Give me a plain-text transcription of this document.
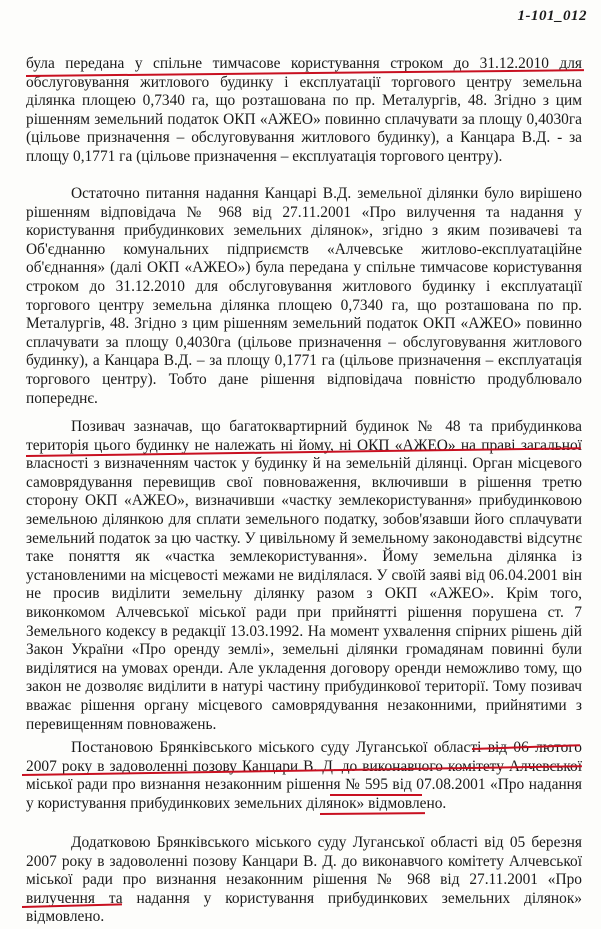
1-101_012

була передана у спільне тимчасове користування строком до 31.12.2010 для обслуговування житлового будинку і експлуатації торгового центру земельна ділянка площею 0,7340 га, що розташована по пр. Металургів, 48. Згідно з цим рішенням земельний податок ОКП «АЖЕО» повинно сплачувати за площу 0,4030га (цільове призначення – обслуговування житлового будинку), а Канцара В.Д. - за площу 0,1771 га (цільове призначення – експлуатація торгового центру).

Остаточно питання надання Канцарі В.Д. земельної ділянки було вирішено рішенням відповідача № 968 від 27.11.2001 «Про вилучення та надання у користування прибудинкових земельних ділянок», згідно з яким позивачеві та Об'єднанню комунальних підприємств «Алчевське житлово-експлуатаційне об'єднання» (далі ОКП «АЖЕО») була передана у спільне тимчасове користування строком до 31.12.2010 для обслуговування житлового будинку і експлуатації торгового центру земельна ділянка площею 0,7340 га, що розташована по пр. Металургів, 48. Згідно з цим рішенням земельний податок ОКП «АЖЕО» повинно сплачувати за площу 0,4030га (цільове призначення – обслуговування житлового будинку), а Канцара В.Д. – за площу 0,1771 га (цільове призначення – експлуатація торгового центру). Тобто дане рішення відповідача повністю продублювало попереднє.

Позивач зазначав, що багатоквартирний будинок № 48 та прибудинкова територія цього будинку не належать ні йому, ні ОКП «АЖЕО» на праві загальної власності з визначенням часток у будинку й на земельній ділянці. Орган місцевого самоврядування перевищив свої повноваження, включивши в рішення третю сторону ОКП «АЖЕО», визначивши «частку землекористування» прибудинковою земельною ділянкою для сплати земельного податку, зобов'язавши його сплачувати земельний податок за цю частку. У цивільному й земельному законодавстві відсутнє таке поняття як «частка землекористування». Йому земельна ділянка із установленими на місцевості межами не виділялася. У своїй заяві від 06.04.2001 він не просив виділити земельну ділянку разом з ОКП «АЖЕО». Крім того, виконкомом Алчевської міської ради при прийнятті рішення порушена ст. 7 Земельного кодексу в редакції 13.03.1992. На момент ухвалення спірних рішень дій Закон України «Про оренду землі», земельні ділянки громадянам повинні були виділятися на умовах оренди. Але укладення договору оренди неможливо тому, що закон не дозволяє виділити в натурі частину прибудинкової території. Тому позивач вважає рішення органу місцевого самоврядування незаконними, прийнятими з перевищенням повноважень.

Постановою Брянківського міського суду Луганської області від 06 лютого 2007 року в задоволенні позову Канцари В. Д. до виконавчого комітету Алчевської міської ради про визнання незаконним рішення № 595 від 07.08.2001 «Про надання у користування прибудинкових земельних ділянок» відмовлено.

Додатковою Брянківського міського суду Луганської області від 05 березня 2007 року в задоволенні позову Канцари В. Д. до виконавчого комітету Алчевської міської ради про визнання незаконним рішення № 968 від 27.11.2001 «Про вилучення та надання у користування прибудинкових земельних ділянок» відмовлено.
